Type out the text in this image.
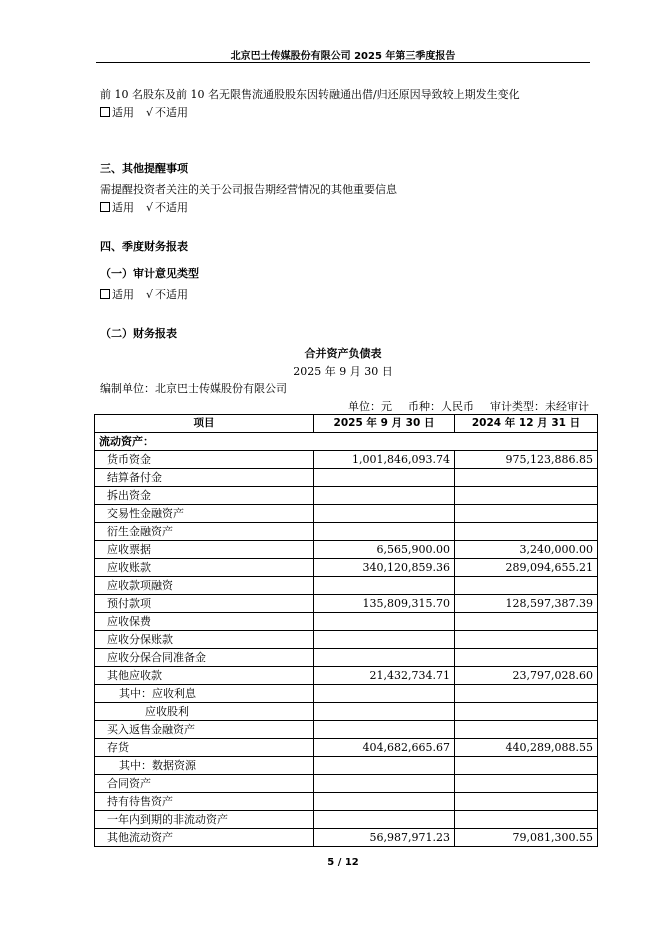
北京巴士传媒股份有限公司 2025 年第三季度报告
前 10 名股东及前 10 名无限售流通股股东因转融通出借/归还原因导致较上期发生变化
适用 √ 不适用
三、其他提醒事项
需提醒投资者关注的关于公司报告期经营情况的其他重要信息
适用 √ 不适用
四、季度财务报表
（一）审计意见类型
适用 √ 不适用
（二）财务报表
合并资产负债表
2025 年 9 月 30 日
编制单位：北京巴士传媒股份有限公司
单位：元 币种：人民币 审计类型：未经审计
项目	2025 年 9 月 30 日	2024 年 12 月 31 日
流动资产：		
货币资金	1,001,846,093.74	975,123,886.85
结算备付金		
拆出资金		
交易性金融资产		
衍生金融资产		
应收票据	6,565,900.00	3,240,000.00
应收账款	340,120,859.36	289,094,655.21
应收款项融资		
预付款项	135,809,315.70	128,597,387.39
应收保费		
应收分保账款		
应收分保合同准备金		
其他应收款	21,432,734.71	23,797,028.60
其中：应收利息		
应收股利		
买入返售金融资产		
存货	404,682,665.67	440,289,088.55
其中：数据资源		
合同资产		
持有待售资产		
一年内到期的非流动资产		
其他流动资产	56,987,971.23	79,081,300.55
5 / 12
